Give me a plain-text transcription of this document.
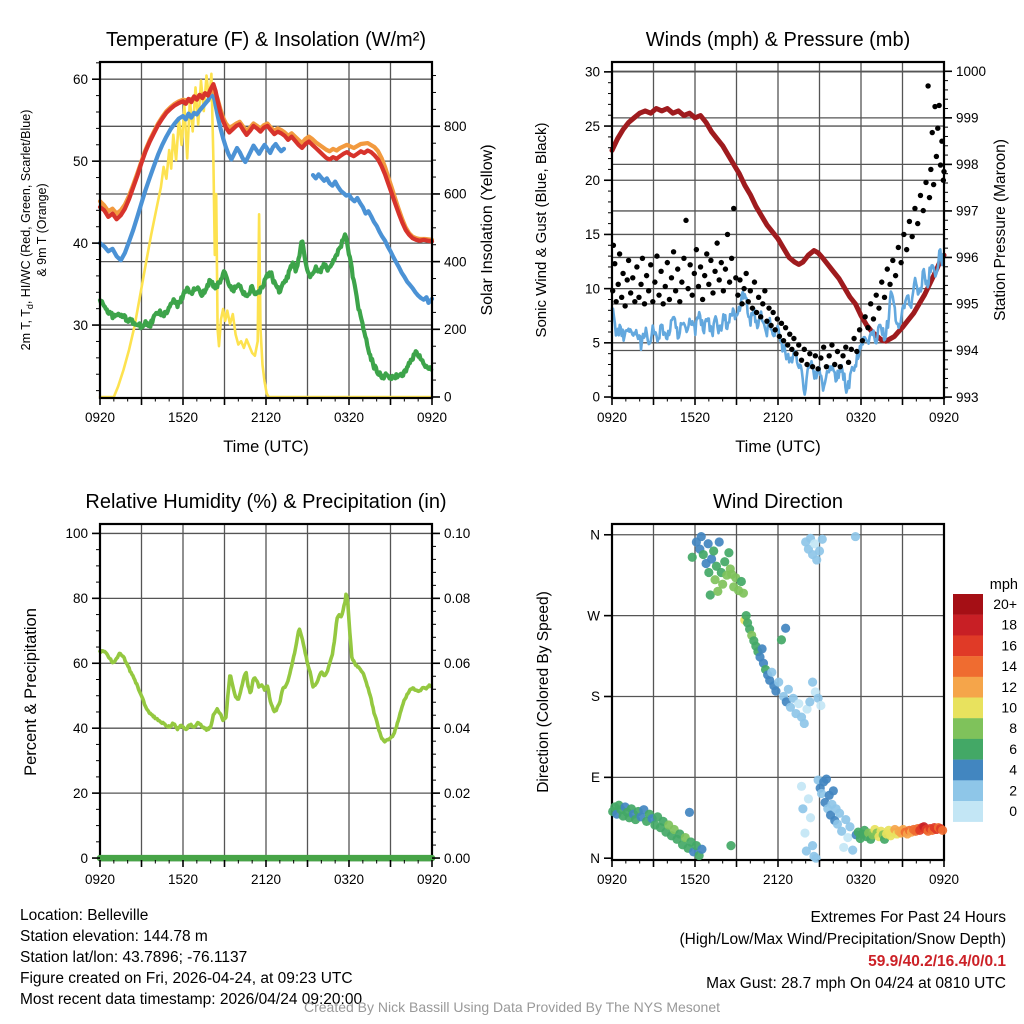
0920	1520	2120	0320	0920
30
40
50
60
0
200
400
600
800
Temperature (F) & Insolation (W/m²)
Time (UTC)
2m T, $T_d$, HI/WC (Red, Green, Scarlet/Blue) & 9m T (Orange)	Solar Insolation (Yellow)
0920	1520	2120	0320	0920
0
5
10
15
20
25
30
993
994
995
996
997
998
999
1000
Winds (mph) & Pressure (mb)
Time (UTC)
Sonic Wind & Gust (Blue, Black)	Station Pressure (Maroon)
0920	1520	2120	0320	0920
0
20
40
60
80
100
0.00
0.02
0.04
0.06
0.08
0.10
Relative Humidity (%) & Precipitation (in)
Percent & Precipitation
0920	1520	2120	0320	0920
N
E
S
W
N
Wind Direction
Direction (Colored By Speed)
mph
20+
18
16
14
12
10
8
6
4
2
0
Location: Belleville
Station elevation: 144.78 m
Station lat/lon: 43.7896; -76.1137
Figure created on Fri, 2026-04-24, at 09:23 UTC
Most recent data timestamp: 2026/04/24 09:20:00
Extremes For Past 24 Hours
(High/Low/Max Wind/Precipitation/Snow Depth)
59.9/40.2/16.4/0/0.1
Max Gust: 28.7 mph On 04/24 at 0810 UTC
Created By Nick Bassill Using Data Provided By The NYS Mesonet
